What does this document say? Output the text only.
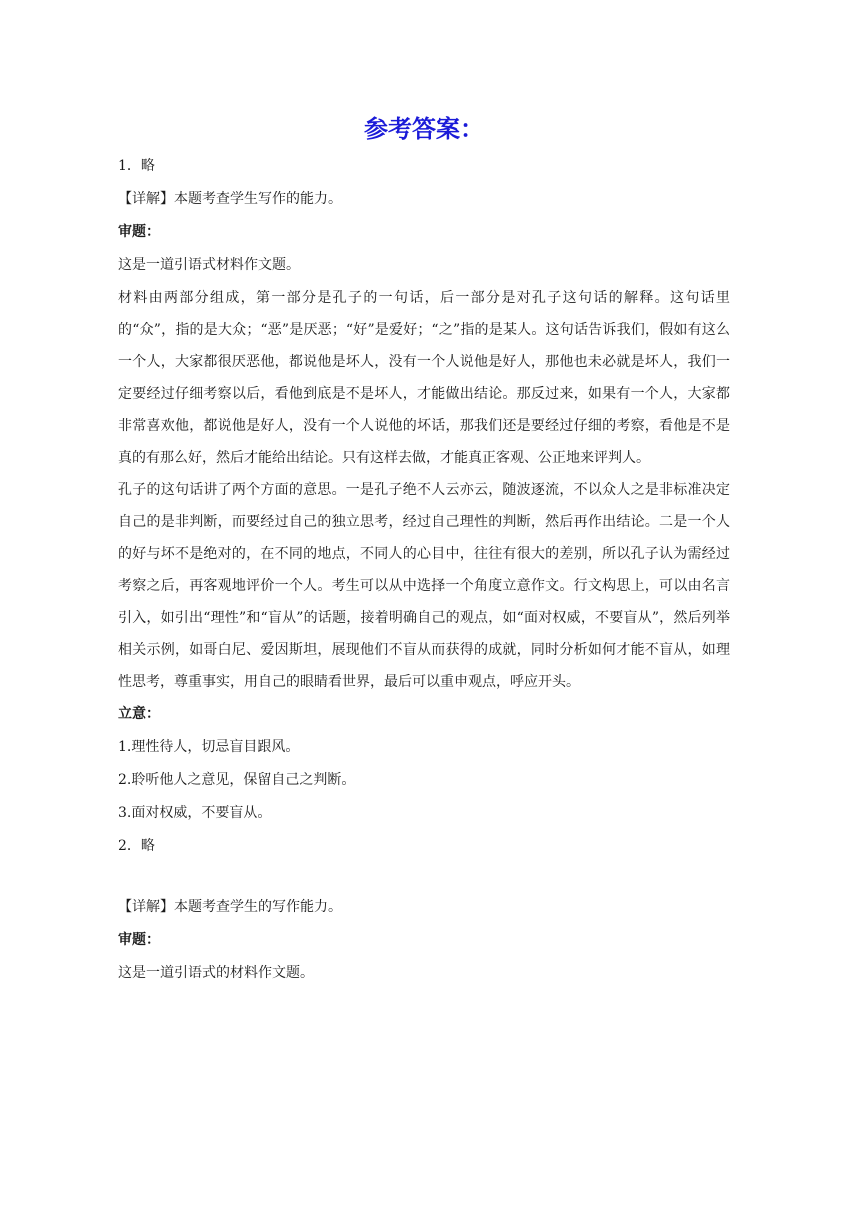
参考答案：
1．略
【详解】本题考查学生写作的能力。
审题：
这是一道引语式材料作文题。
材料由两部分组成，第一部分是孔子的一句话，后一部分是对孔子这句话的解释。这句话里的“众”，指的是大众；“恶”是厌恶；“好”是爱好；“之”指的是某人。这句话告诉我们，假如有这么一个人，大家都很厌恶他，都说他是坏人，没有一个人说他是好人，那他也未必就是坏人，我们一定要经过仔细考察以后，看他到底是不是坏人，才能做出结论。那反过来，如果有一个人，大家都非常喜欢他，都说他是好人，没有一个人说他的坏话，那我们还是要经过仔细的考察，看他是不是真的有那么好，然后才能给出结论。只有这样去做，才能真正客观、公正地来评判人。
孔子的这句话讲了两个方面的意思。一是孔子绝不人云亦云，随波逐流，不以众人之是非标准决定自己的是非判断，而要经过自己的独立思考，经过自己理性的判断，然后再作出结论。二是一个人的好与坏不是绝对的，在不同的地点，不同人的心目中，往往有很大的差别，所以孔子认为需经过考察之后，再客观地评价一个人。考生可以从中选择一个角度立意作文。行文构思上，可以由名言引入，如引出“理性”和“盲从”的话题，接着明确自己的观点，如“面对权威，不要盲从”，然后列举相关示例，如哥白尼、爱因斯坦，展现他们不盲从而获得的成就，同时分析如何才能不盲从，如理性思考，尊重事实，用自己的眼睛看世界，最后可以重申观点，呼应开头。
立意：
1.理性待人，切忌盲目跟风。
2.聆听他人之意见，保留自己之判断。
3.面对权威，不要盲从。
2．略
【详解】本题考查学生的写作能力。
审题：
这是一道引语式的材料作文题。
